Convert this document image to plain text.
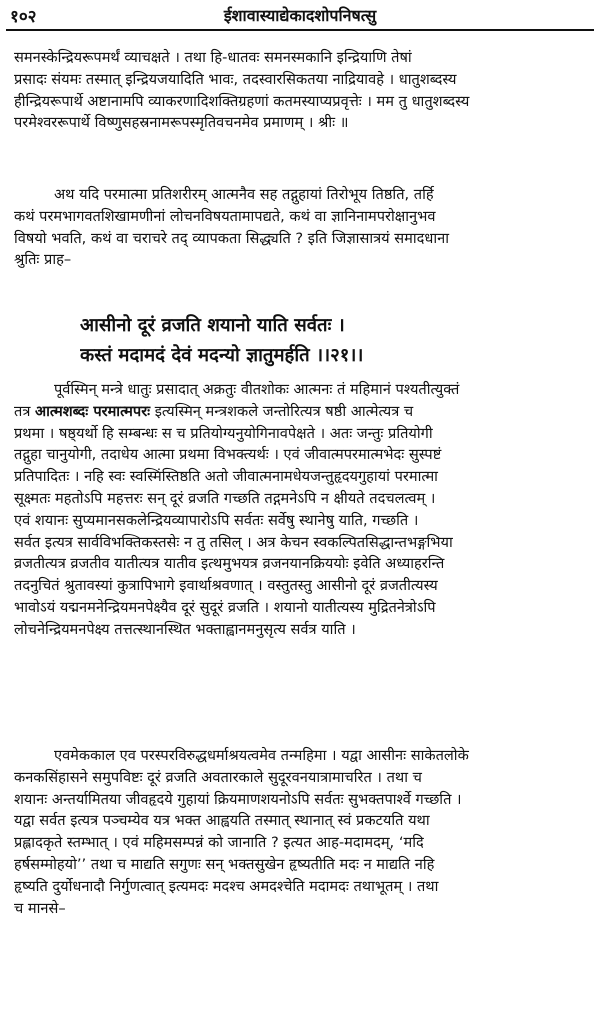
१०२	ईशावास्याद्येकादशोपनिषत्सु
समनस्केन्द्रियरूपमर्थं व्याचक्षते । तथा हि-धातवः समनस्मकानि इन्द्रियाणि तेषां
प्रसादः संयमः तस्मात् इन्द्रियजयादिति भावः, तदस्वारसिकतया नाद्रियावहे । धातुशब्दस्य
हीन्द्रियरूपार्थे अष्टानामपि व्याकरणादिशक्तिग्रहणां कतमस्याप्यप्रवृत्तेः । मम तु धातुशब्दस्य
परमेश्वररूपार्थे विष्णुसहस्रनामरूपस्मृतिवचनमेव प्रमाणम् । श्रीः ॥
अथ यदि परमात्मा प्रतिशरीरम् आत्मनैव सह तद्गुहायां तिरोभूय तिष्ठति, तर्हि
कथं परमभागवतशिखामणीनां लोचनविषयतामापद्यते, कथं वा ज्ञानिनामपरोक्षानुभव
विषयो भवति, कथं वा चराचरे तद् व्यापकता सिद्ध्यति ? इति जिज्ञासात्रयं समादधाना
श्रुतिः प्राह–
आसीनो दूरं व्रजति शयानो याति सर्वतः ।
कस्तं मदामदं देवं मदन्यो ज्ञातुमर्हति ।।२१।।
पूर्वस्मिन् मन्त्रे धातुः प्रसादात् अक्रतुः वीतशोकः आत्मनः तं महिमानं पश्यतीत्युक्तं
तत्र आत्मशब्दः परमात्मपरः इत्यस्मिन् मन्त्रशकले जन्तोरित्यत्र षष्ठी आत्मेत्यत्र च
प्रथमा । षष्ठ्यर्थो हि सम्बन्धः स च प्रतियोग्यनुयोगिनावपेक्षते । अतः जन्तुः प्रतियोगी
तद्गुहा चानुयोगी, तदाधेय आत्मा प्रथमा विभक्त्यर्थः । एवं जीवात्मपरमात्मभेदः सुस्पष्टं
प्रतिपादितः । नहि स्वः स्वस्मिंस्तिष्ठति अतो जीवात्मनामधेयजन्तुहृदयगुहायां परमात्मा
सूक्ष्मतः महतोऽपि महत्तरः सन् दूरं व्रजति गच्छति तद्गमनेऽपि न क्षीयते तदचलत्वम् ।
एवं शयानः सुप्यमानसकलेन्द्रियव्यापारोऽपि सर्वतः सर्वेषु स्थानेषु याति, गच्छति ।
सर्वत इत्यत्र सार्वविभक्तिकस्तसेः न तु तसिल् । अत्र केचन स्वकल्पितसिद्धान्तभङ्गभिया
व्रजतीत्यत्र व्रजतीव यातीत्यत्र यातीव इत्थमुभयत्र व्रजनयानक्रिययोः इवेति अध्याहरन्ति
तदनुचितं श्रुतावस्यां कुत्रापिभागे इवार्थाश्रवणात् । वस्तुतस्तु आसीनो दूरं व्रजतीत्यस्य
भावोऽयं यद्मनमनेन्द्रियमनपेक्ष्यैव दूरं सुदूरं व्रजति । शयानो यातीत्यस्य मुद्रितनेत्रोऽपि
लोचनेन्द्रियमनपेक्ष्य तत्तत्स्थानस्थित भक्ताह्वानमनुसृत्य सर्वत्र याति ।
एवमेककाल एव परस्परविरुद्धधर्माश्रयत्वमेव तन्महिमा । यद्वा आसीनः साकेतलोके
कनकसिंहासने समुपविष्टः दूरं व्रजति अवतारकाले सुदूरवनयात्रामाचरित । तथा च
शयानः अन्तर्यामितया जीवहृदये गुहायां क्रियमाणशयनोऽपि सर्वतः सुभक्तपार्श्वे गच्छति ।
यद्वा सर्वत इत्यत्र पञ्चम्येव यत्र भक्त आह्वयति तस्मात् स्थानात् स्वं प्रकटयति यथा
प्रह्लादकृते स्तम्भात् । एवं महिमसम्पन्नं को जानाति ? इत्यत आह-मदामदम्, ‘मदि
हर्षसम्मोहयो’’ तथा च माद्यति सगुणः सन् भक्तसुखेन हृष्यतीति मदः न माद्यति नहि
हृष्यति दुर्योधनादौ निर्गुणत्वात् इत्यमदः मदश्च अमदश्चेति मदामदः तथाभूतम् । तथा
च मानसे–
